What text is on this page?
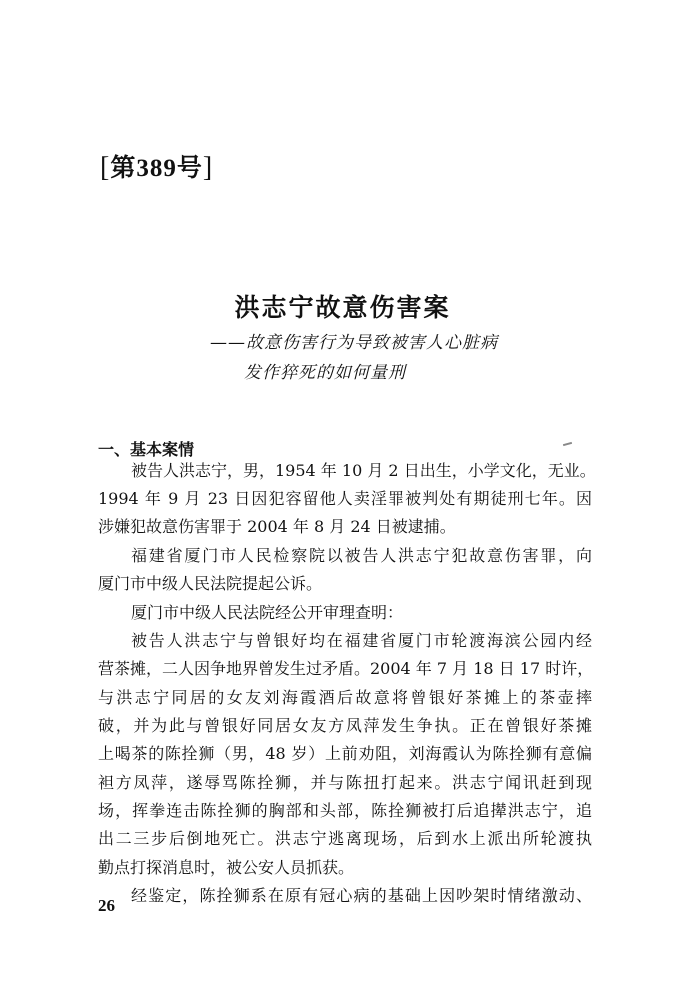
[第389号]
洪志宁故意伤害案
——故意伤害行为导致被害人心脏病
发作猝死的如何量刑
一、基本案情
被告人洪志宁，男，1954 年 10 月 2 日出生，小学文化，无业。
1994 年 9 月 23 日因犯容留他人卖淫罪被判处有期徒刑七年。因
涉嫌犯故意伤害罪于 2004 年 8 月 24 日被逮捕。
福建省厦门市人民检察院以被告人洪志宁犯故意伤害罪，向
厦门市中级人民法院提起公诉。
厦门市中级人民法院经公开审理查明：
被告人洪志宁与曾银好均在福建省厦门市轮渡海滨公园内经
营茶摊，二人因争地界曾发生过矛盾。2004 年 7 月 18 日 17 时许，
与洪志宁同居的女友刘海霞酒后故意将曾银好茶摊上的茶壶摔
破，并为此与曾银好同居女友方凤萍发生争执。正在曾银好茶摊
上喝茶的陈拴狮（男，48 岁）上前劝阻，刘海霞认为陈拴狮有意偏
袒方凤萍，遂辱骂陈拴狮，并与陈扭打起来。洪志宁闻讯赶到现
场，挥拳连击陈拴狮的胸部和头部，陈拴狮被打后追撵洪志宁，追
出二三步后倒地死亡。洪志宁逃离现场，后到水上派出所轮渡执
勤点打探消息时，被公安人员抓获。
经鉴定，陈拴狮系在原有冠心病的基础上因吵架时情绪激动、
26
